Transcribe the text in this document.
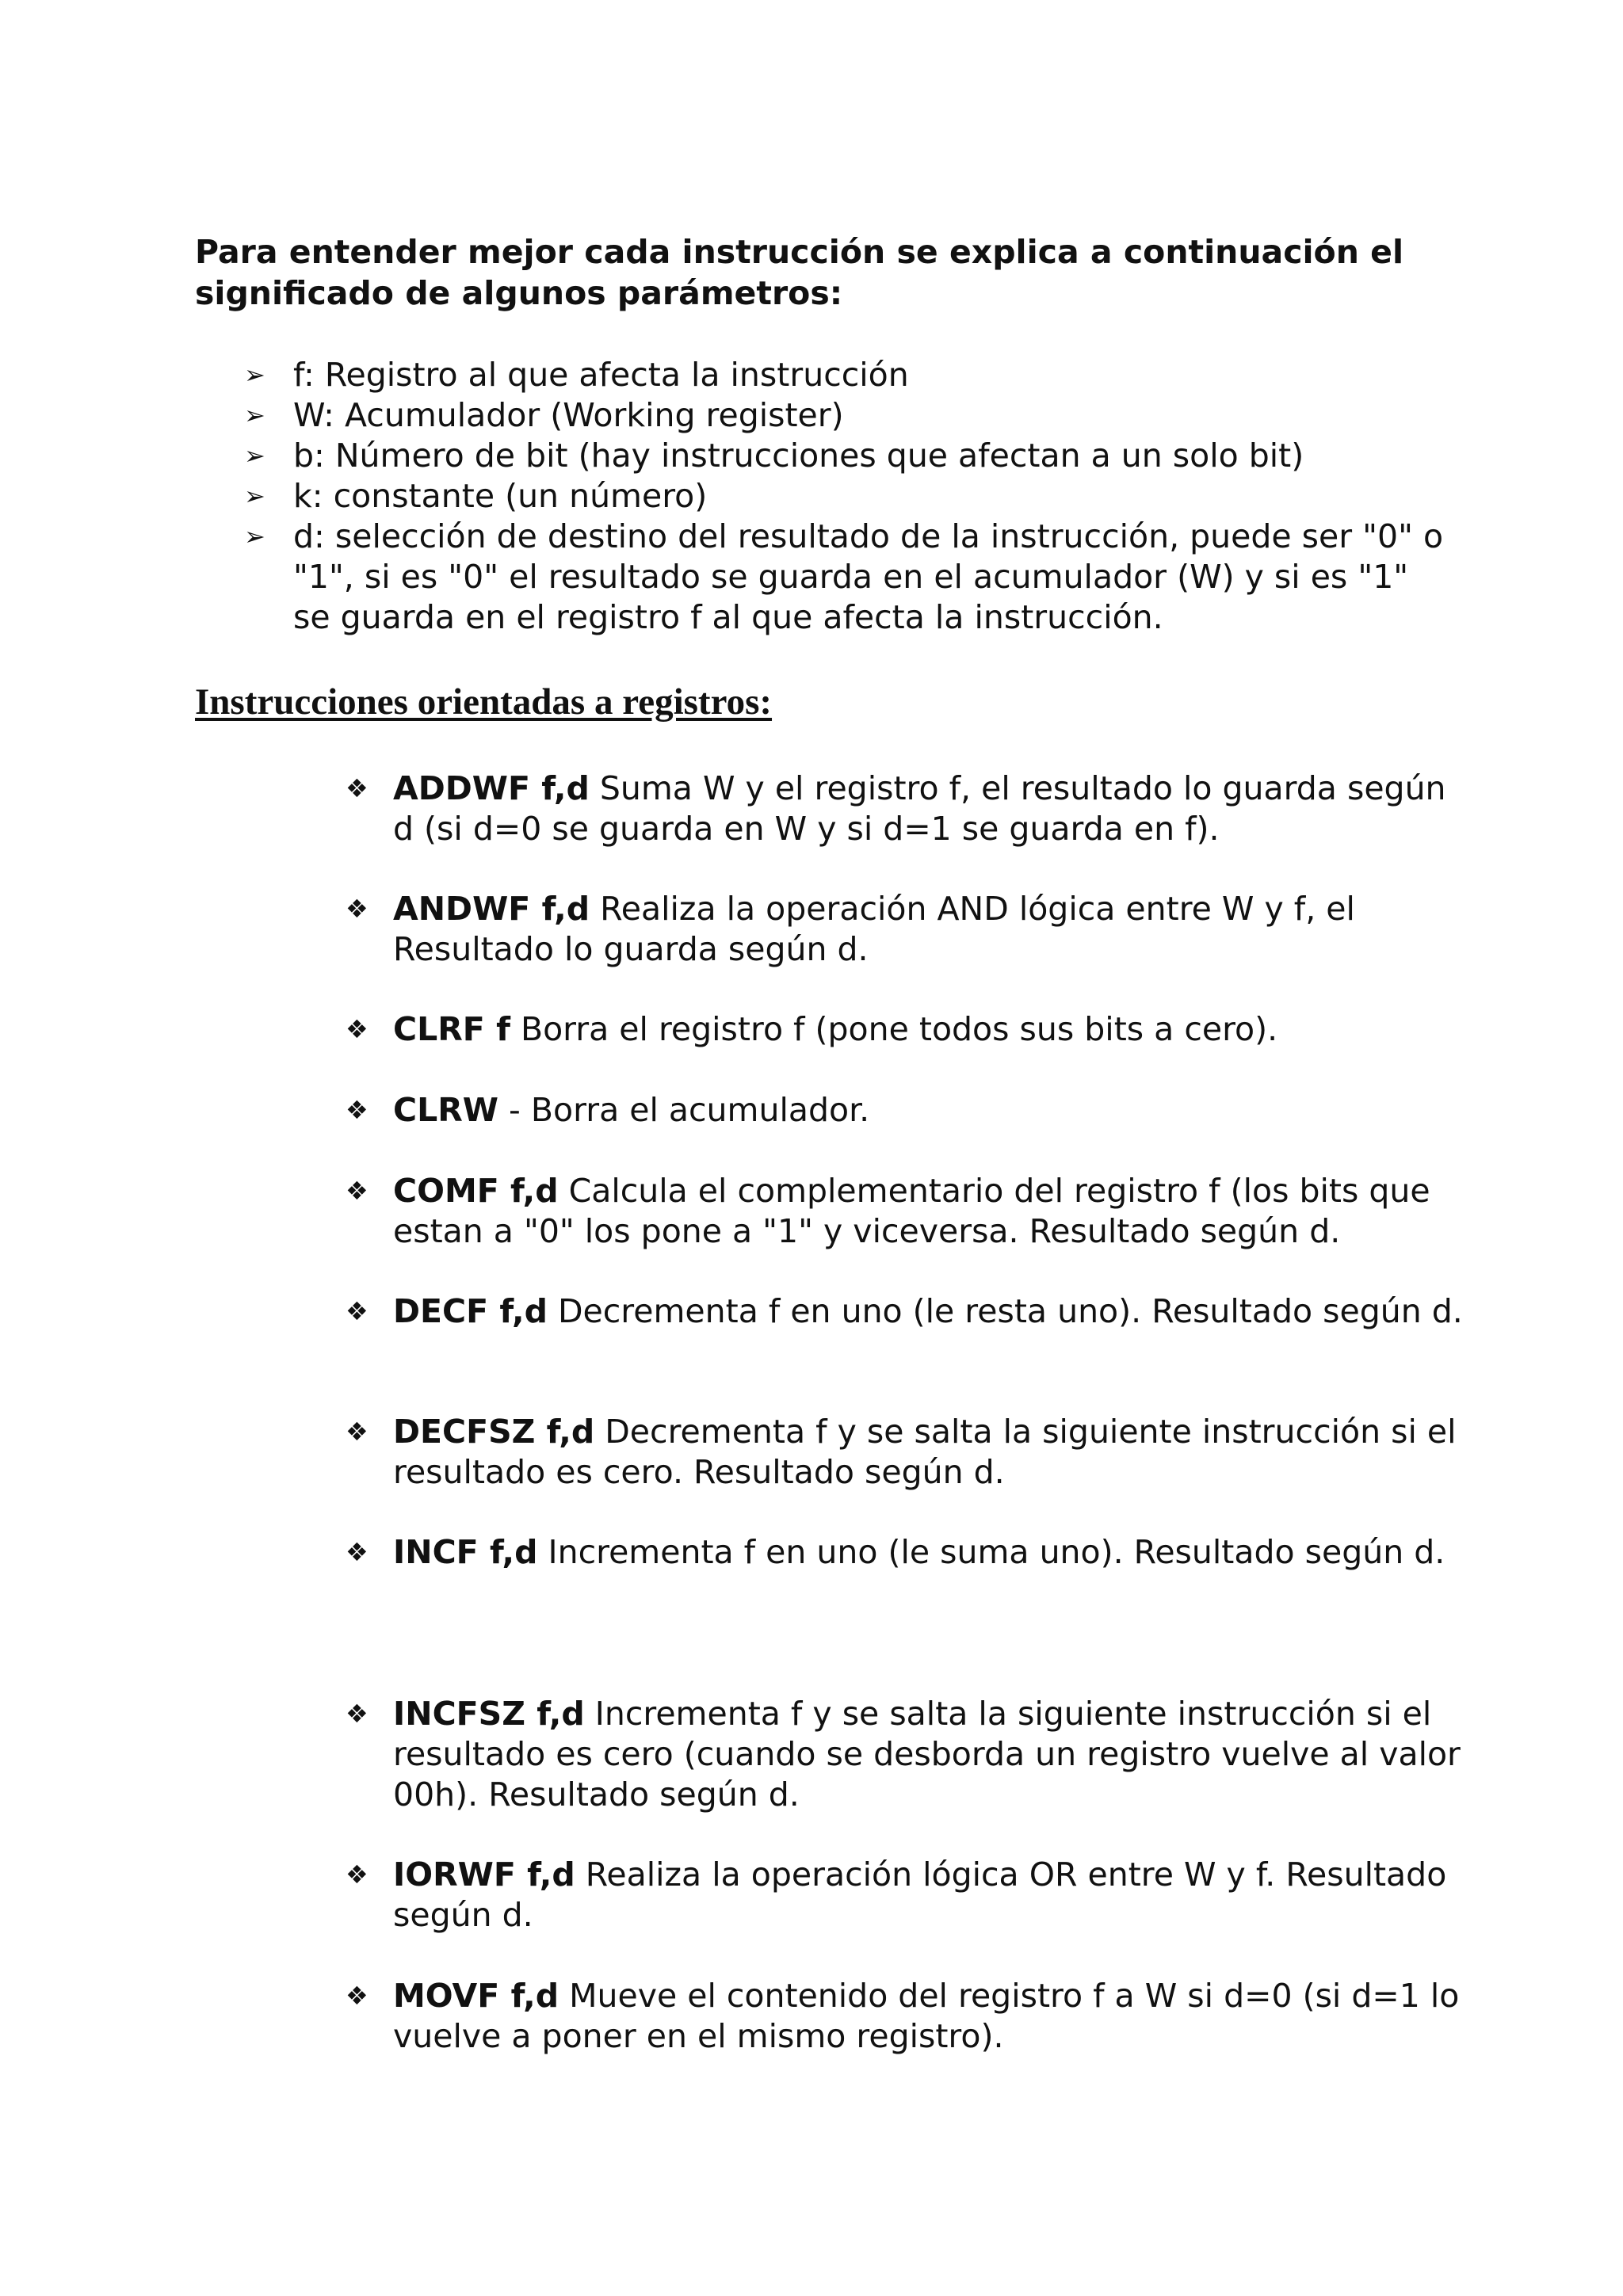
Para entender mejor cada instrucción se explica a continuación el significado de algunos parámetros:

➢ f: Registro al que afecta la instrucción
➢ W: Acumulador (Working register)
➢ b: Número de bit (hay instrucciones que afectan a un solo bit)
➢ k: constante (un número)
➢ d: selección de destino del resultado de la instrucción, puede ser "0" o "1", si es "0" el resultado se guarda en el acumulador (W) y si es "1" se guarda en el registro f al que afecta la instrucción.
Instrucciones orientadas a registros:
❖ ADDWF f,d Suma W y el registro f, el resultado lo guarda según d (si d=0 se guarda en W y si d=1 se guarda en f).
❖ ANDWF f,d Realiza la operación AND lógica entre W y f, el Resultado lo guarda según d.
❖ CLRF f Borra el registro f (pone todos sus bits a cero).
❖ CLRW - Borra el acumulador.
❖ COMF f,d Calcula el complementario del registro f (los bits que estan a "0" los pone a "1" y viceversa. Resultado según d.
❖ DECF f,d Decrementa f en uno (le resta uno). Resultado según d.
❖ DECFSZ f,d Decrementa f y se salta la siguiente instrucción si el resultado es cero. Resultado según d.
❖ INCF f,d Incrementa f en uno (le suma uno). Resultado según d.
❖ INCFSZ f,d Incrementa f y se salta la siguiente instrucción si el resultado es cero (cuando se desborda un registro vuelve al valor 00h). Resultado según d.
❖ IORWF f,d Realiza la operación lógica OR entre W y f. Resultado según d.
❖ MOVF f,d Mueve el contenido del registro f a W si d=0 (si d=1 lo vuelve a poner en el mismo registro).
